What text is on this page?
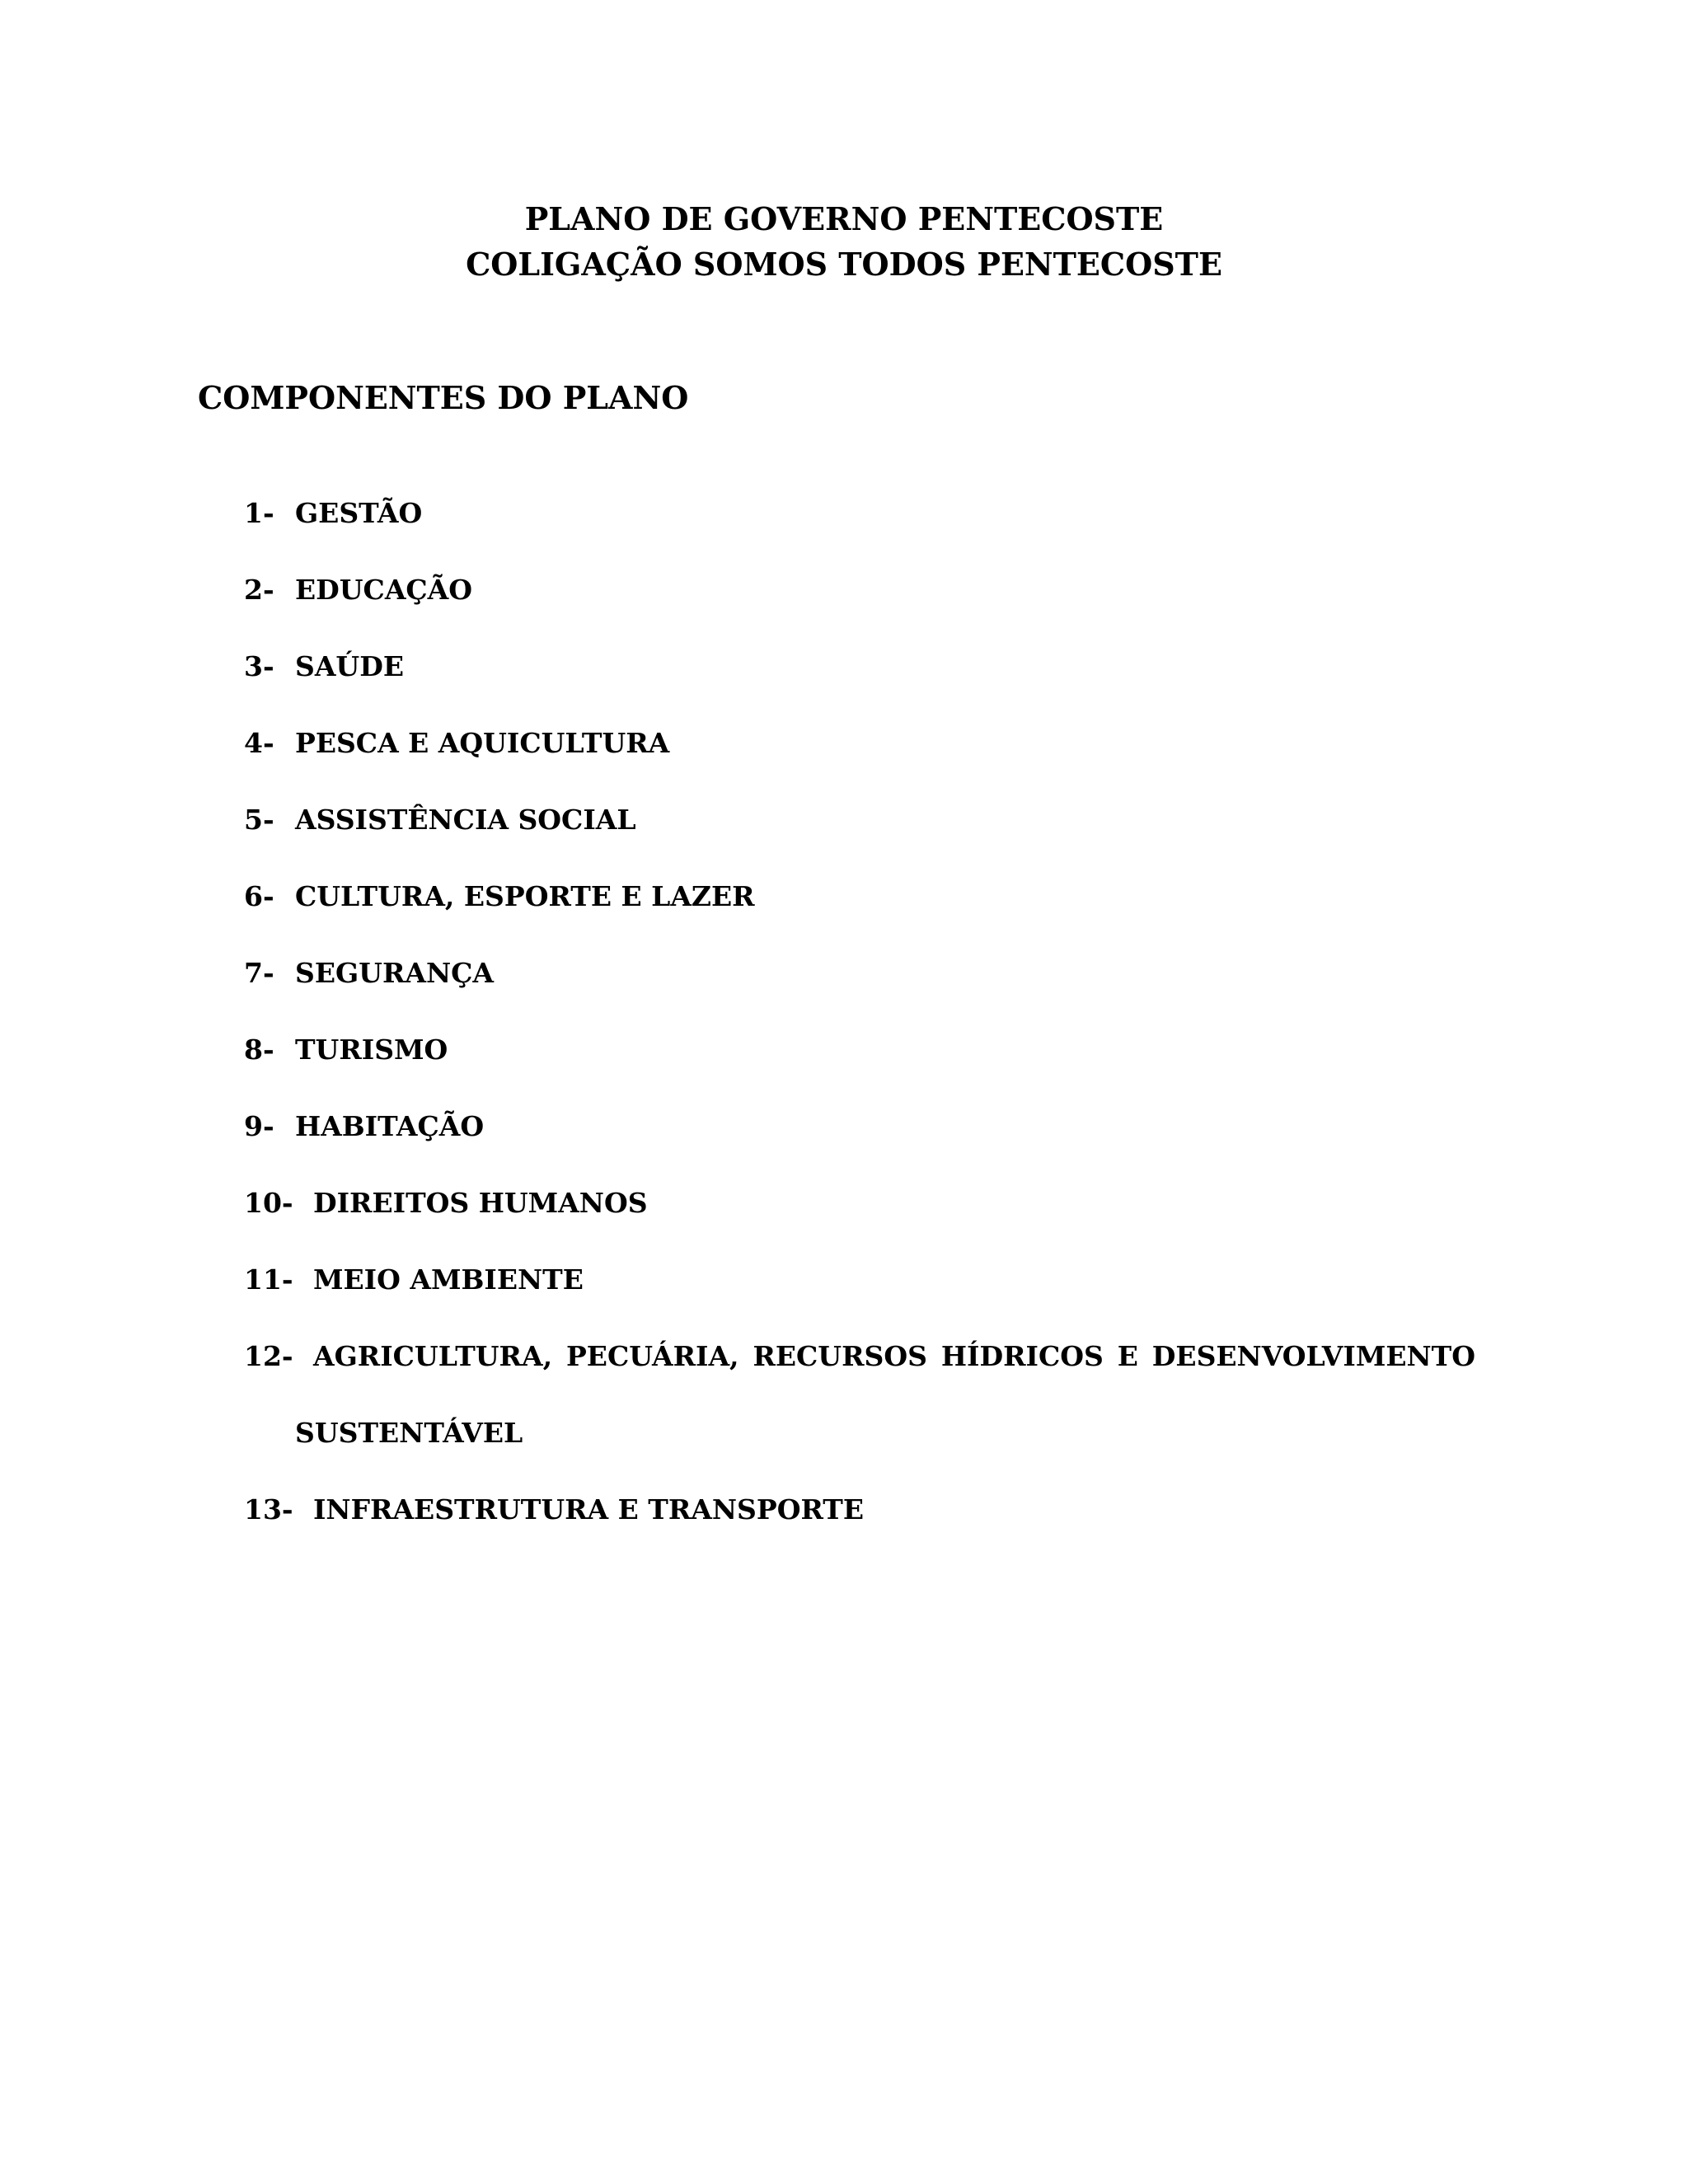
PLANO DE GOVERNO PENTECOSTE
COLIGAÇÃO SOMOS TODOS PENTECOSTE
COMPONENTES DO PLANO
1- GESTÃO
2- EDUCAÇÃO
3- SAÚDE
4- PESCA E AQUICULTURA
5- ASSISTÊNCIA SOCIAL
6- CULTURA, ESPORTE E LAZER
7- SEGURANÇA
8- TURISMO
9- HABITAÇÃO
10- DIREITOS HUMANOS
11- MEIO AMBIENTE
12- AGRICULTURA, PECUÁRIA, RECURSOS HÍDRICOS E DESENVOLVIMENTO
SUSTENTÁVEL
13- INFRAESTRUTURA E TRANSPORTE
